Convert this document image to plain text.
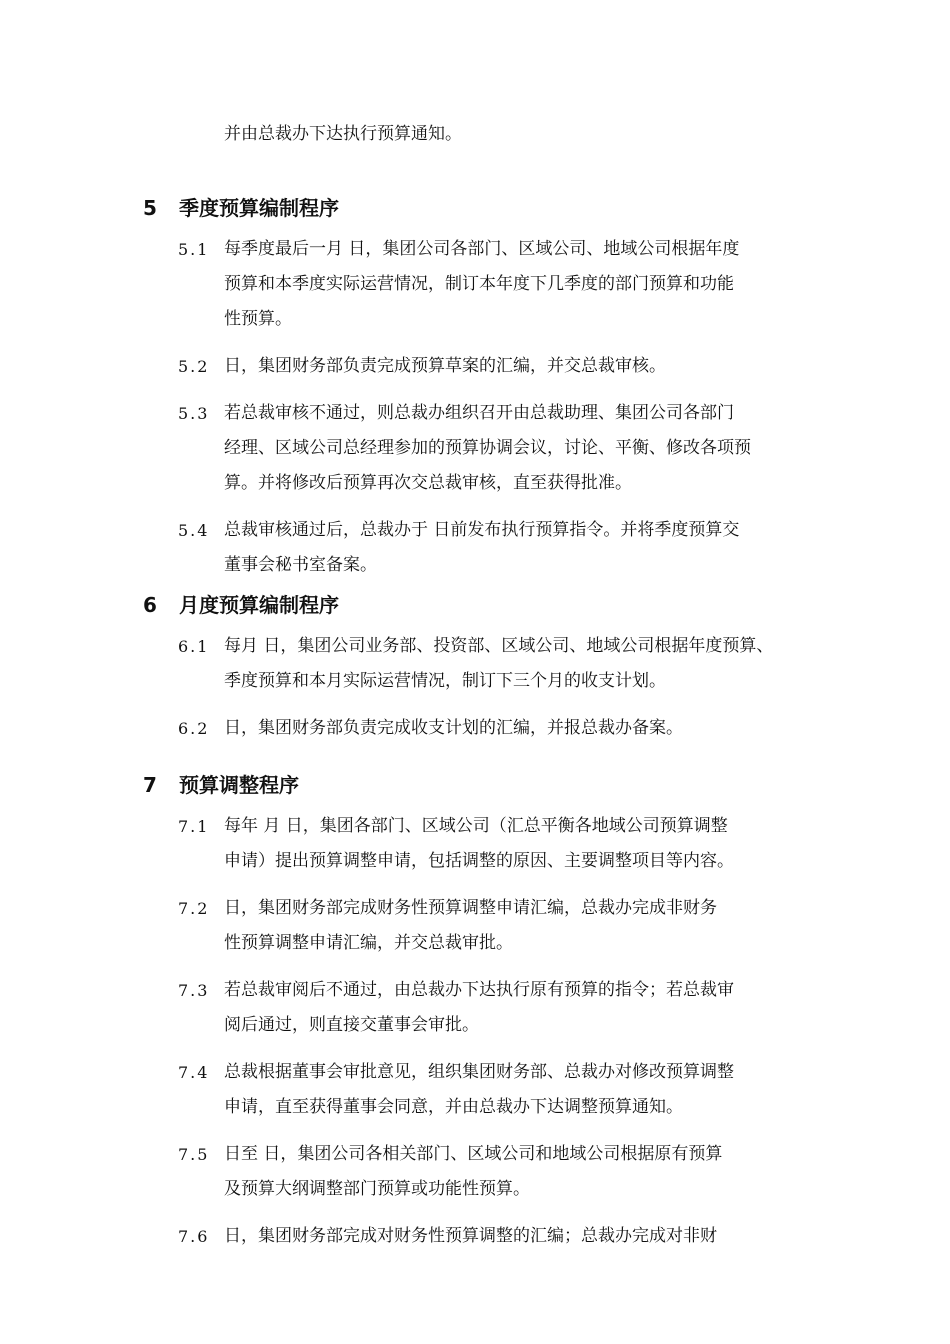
并由总裁办下达执行预算通知。
5 季度预算编制程序
5.1 每季度最后一月 日，集团公司各部门、区域公司、地域公司根据年度
预算和本季度实际运营情况，制订本年度下几季度的部门预算和功能
性预算。
5.2 日，集团财务部负责完成预算草案的汇编，并交总裁审核。
5.3 若总裁审核不通过，则总裁办组织召开由总裁助理、集团公司各部门
经理、区域公司总经理参加的预算协调会议，讨论、平衡、修改各项预
算。并将修改后预算再次交总裁审核，直至获得批准。
5.4 总裁审核通过后，总裁办于 日前发布执行预算指令。并将季度预算交
董事会秘书室备案。
6 月度预算编制程序
6.1 每月 日，集团公司业务部、投资部、区域公司、地域公司根据年度预算、
季度预算和本月实际运营情况，制订下三个月的收支计划。
6.2 日，集团财务部负责完成收支计划的汇编，并报总裁办备案。
7 预算调整程序
7.1 每年 月 日，集团各部门、区域公司（汇总平衡各地域公司预算调整
申请）提出预算调整申请，包括调整的原因、主要调整项目等内容。
7.2 日，集团财务部完成财务性预算调整申请汇编，总裁办完成非财务
性预算调整申请汇编，并交总裁审批。
7.3 若总裁审阅后不通过，由总裁办下达执行原有预算的指令；若总裁审
阅后通过，则直接交董事会审批。
7.4 总裁根据董事会审批意见，组织集团财务部、总裁办对修改预算调整
申请，直至获得董事会同意，并由总裁办下达调整预算通知。
7.5 日至 日，集团公司各相关部门、区域公司和地域公司根据原有预算
及预算大纲调整部门预算或功能性预算。
7.6 日，集团财务部完成对财务性预算调整的汇编；总裁办完成对非财
